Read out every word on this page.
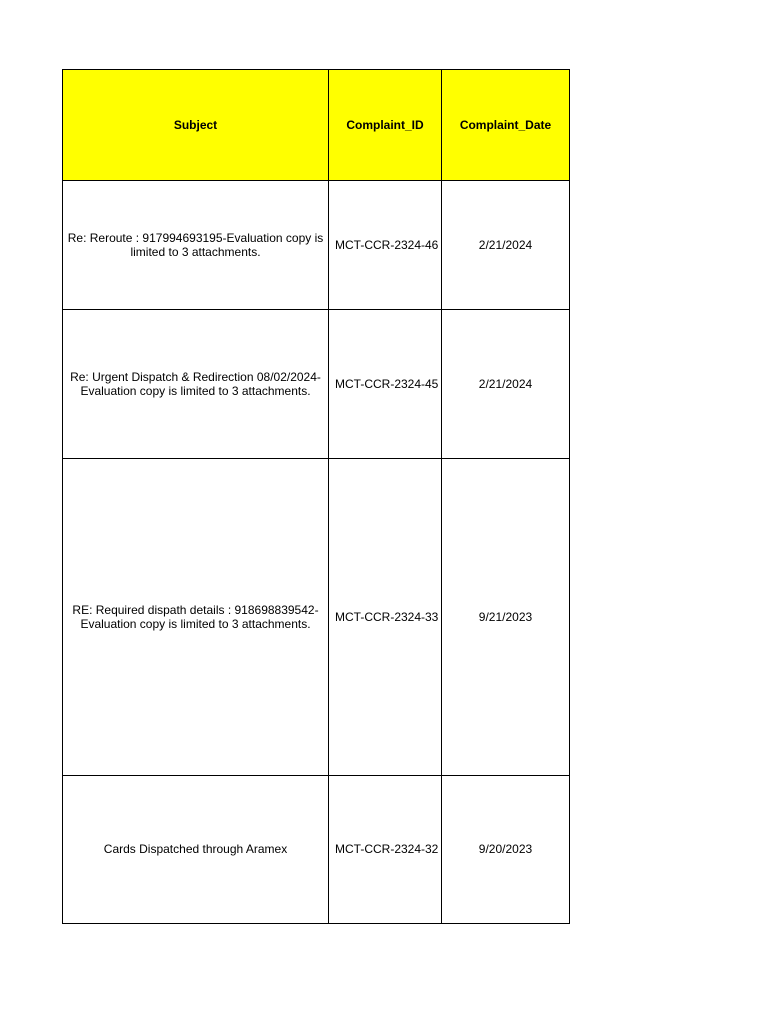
Subject	Complaint_ID	Complaint_Date
Re: Reroute : 917994693195-Evaluation copy is limited to 3 attachments.	MCT-CCR-2324-46	2/21/2024
Re: Urgent Dispatch & Redirection 08/02/2024-Evaluation copy is limited to 3 attachments.	MCT-CCR-2324-45	2/21/2024
RE: Required dispath details : 918698839542-Evaluation copy is limited to 3 attachments.	MCT-CCR-2324-33	9/21/2023
Cards Dispatched through Aramex	MCT-CCR-2324-32	9/20/2023
